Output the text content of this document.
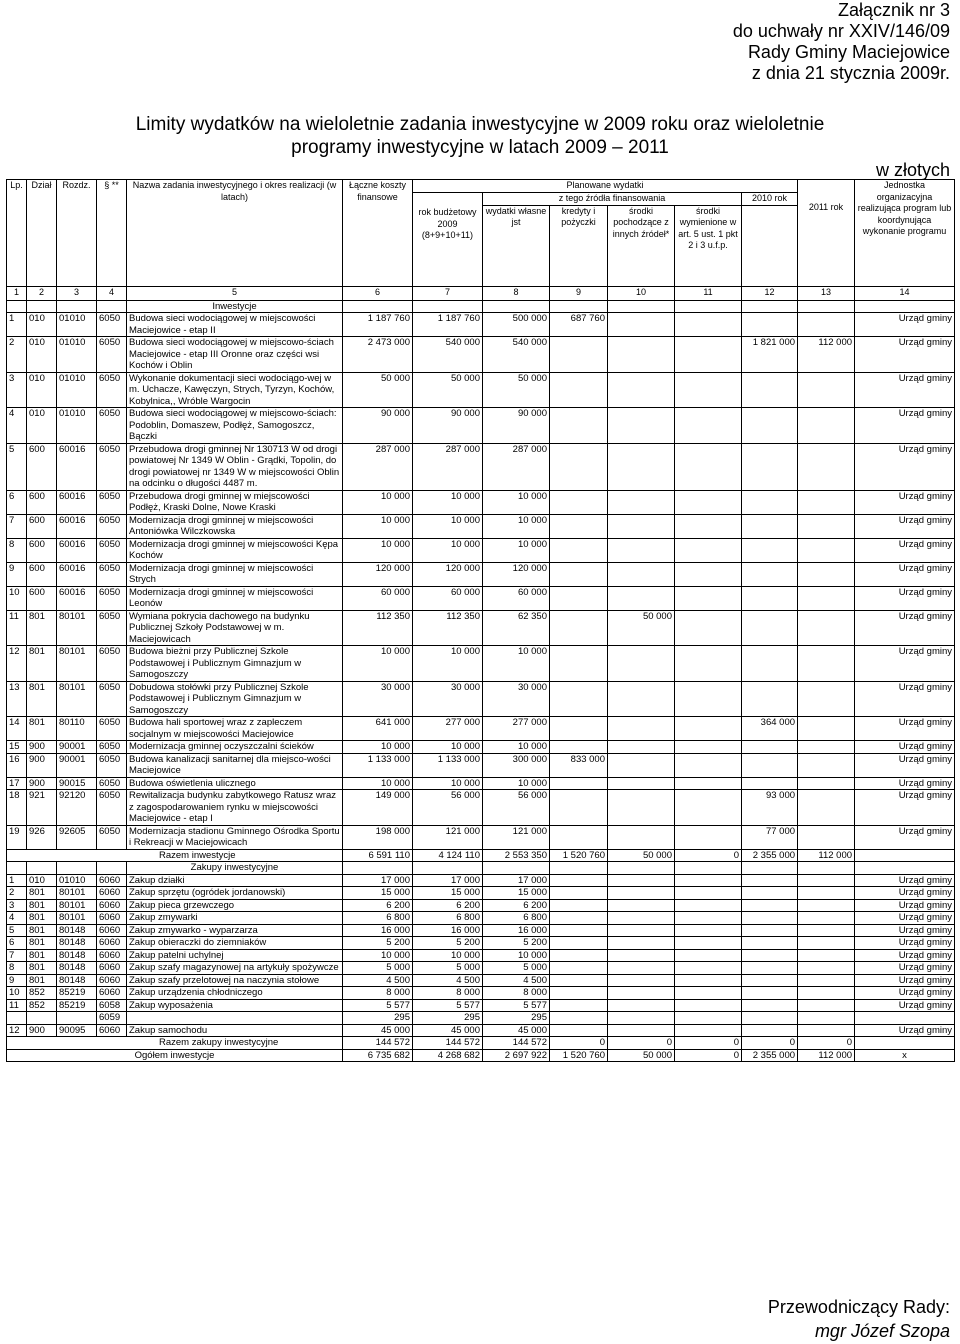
Załącznik nr 3
do uchwały nr XXIV/146/09
Rady Gminy Maciejowice
z dnia 21 stycznia 2009r.
Limity wydatków na wieloletnie zadania inwestycyjne w 2009 roku oraz wieloletnie
programy inwestycyjne w latach 2009 – 2011
w złotych
Lp.	Dział	Rozdz.	§ **	Nazwa zadania inwestycyjnego i okres realizacji (w latach)	Łączne koszty finansowe	Planowane wydatki						2011 rok	Jednostka organizacyjna realizująca program lub koordynująca wykonanie programu
						rok budżetowy 2009 (8+9+10+11)	z tego źródła finansowania				2010 rok		
							wydatki własne jst	kredyty i pożyczki	środki pochodzące z innych źródeł*	środki wymienione w art. 5 ust. 1 pkt 2 i 3 u.f.p.			
1	2	3	4	5	6	7	8	9	10	11	12	13	14
				Inwestycje									
1	010	01010	6050	Budowa sieci wodociągowej w miejscowości Maciejowice - etap II	1 187 760	1 187 760	500 000	687 760					Urząd gminy
2	010	01010	6050	Budowa sieci wodociągowej w miejscowo-ściach Maciejowice - etap III Oronne oraz części wsi Kochów i Oblin	2 473 000	540 000	540 000				1 821 000	112 000	Urząd gminy
3	010	01010	6050	Wykonanie dokumentacji sieci wodociągo-wej w m. Uchacze, Kawęczyn, Strych, Tyrzyn, Kochów, Kobylnica,, Wróble Wargocin	50 000	50 000	50 000						Urząd gminy
4	010	01010	6050	Budowa sieci wodociągowej w miejscowo-ściach: Podoblin, Domaszew, Podłęż, Samogoszcz, Bączki	90 000	90 000	90 000						Urząd gminy
5	600	60016	6050	Przebudowa drogi gminnej Nr 130713 W od drogi powiatowej Nr 1349 W Oblin - Grądki, Topolin, do drogi powiatowej nr 1349 W w miejscowości Oblin na odcinku o długości 4487 m.	287 000	287 000	287 000						Urząd gminy
6	600	60016	6050	Przebudowa drogi gminnej w miejscowości Podłęż, Kraski Dolne, Nowe Kraski	10 000	10 000	10 000						Urząd gminy
7	600	60016	6050	Modernizacja drogi gminnej w miejscowości Antoniówka Wilczkowska	10 000	10 000	10 000						Urząd gminy
8	600	60016	6050	Modernizacja drogi gminnej w miejscowości Kępa Kochów	10 000	10 000	10 000						Urząd gminy
9	600	60016	6050	Modernizacja drogi gminnej w miejscowości Strych	120 000	120 000	120 000						Urząd gminy
10	600	60016	6050	Modernizacja drogi gminnej w miejscowości Leonów	60 000	60 000	60 000						Urząd gminy
11	801	80101	6050	Wymiana pokrycia dachowego na budynku Publicznej Szkoły Podstawowej w m. Maciejowicach	112 350	112 350	62 350		50 000				Urząd gminy
12	801	80101	6050	Budowa bieżni przy Publicznej Szkole Podstawowej i Publicznym Gimnazjum w Samogoszczy	10 000	10 000	10 000						Urząd gminy
13	801	80101	6050	Dobudowa stołówki przy Publicznej Szkole Podstawowej i Publicznym Gimnazjum w Samogoszczy	30 000	30 000	30 000						Urząd gminy
14	801	80110	6050	Budowa hali sportowej wraz z zapleczem socjalnym w miejscowości Maciejowice	641 000	277 000	277 000				364 000		Urząd gminy
15	900	90001	6050	Modernizacja gminnej oczyszczalni ścieków	10 000	10 000	10 000						Urząd gminy
16	900	90001	6050	Budowa kanalizacji sanitarnej dla miejsco-wości Maciejowice	1 133 000	1 133 000	300 000	833 000					Urząd gminy
17	900	90015	6050	Budowa oświetlenia ulicznego	10 000	10 000	10 000						Urząd gminy
18	921	92120	6050	Rewitalizacja budynku zabytkowego Ratusz wraz z zagospodarowaniem rynku w miejscowości Maciejowice - etap I	149 000	56 000	56 000				93 000		Urząd gminy
19	926	92605	6050	Modernizacja stadionu Gminnego Ośrodka Sportu i Rekreacji w Maciejowicach	198 000	121 000	121 000				77 000		Urząd gminy
Razem inwestycje					6 591 110	4 124 110	2 553 350	1 520 760	50 000	0	2 355 000	112 000	
				Zakupy inwestycyjne									
1	010	01010	6060	Zakup działki	17 000	17 000	17 000						Urząd gminy
2	801	80101	6060	Zakup sprzętu (ogródek jordanowski)	15 000	15 000	15 000						Urząd gminy
3	801	80101	6060	Zakup pieca grzewczego	6 200	6 200	6 200						Urząd gminy
4	801	80101	6060	Zakup zmywarki	6 800	6 800	6 800						Urząd gminy
5	801	80148	6060	Zakup zmywarko - wyparzarza	16 000	16 000	16 000						Urząd gminy
6	801	80148	6060	Zakup obieraczki do ziemniaków	5 200	5 200	5 200						Urząd gminy
7	801	80148	6060	Zakup patelni uchylnej	10 000	10 000	10 000						Urząd gminy
8	801	80148	6060	Zakup szafy magazynowej na artykuły spożywcze	5 000	5 000	5 000						Urząd gminy
9	801	80148	6060	Zakup szafy przelotowej na naczynia stołowe	4 500	4 500	4 500						Urząd gminy
10	852	85219	6060	Zakup urządzenia chłodniczego	8 000	8 000	8 000						Urząd gminy
11	852	85219	6058	Zakup wyposażenia	5 577	5 577	5 577						Urząd gminy
			6059		295	295	295						
12	900	90095	6060	Zakup samochodu	45 000	45 000	45 000						Urząd gminy
Razem zakupy inwestycyjne					144 572	144 572	144 572	0	0	0	0	0	
Ogółem inwestycje					6 735 682	4 268 682	2 697 922	1 520 760	50 000	0	2 355 000	112 000	x
Przewodniczący Rady:
mgr Józef Szopa
